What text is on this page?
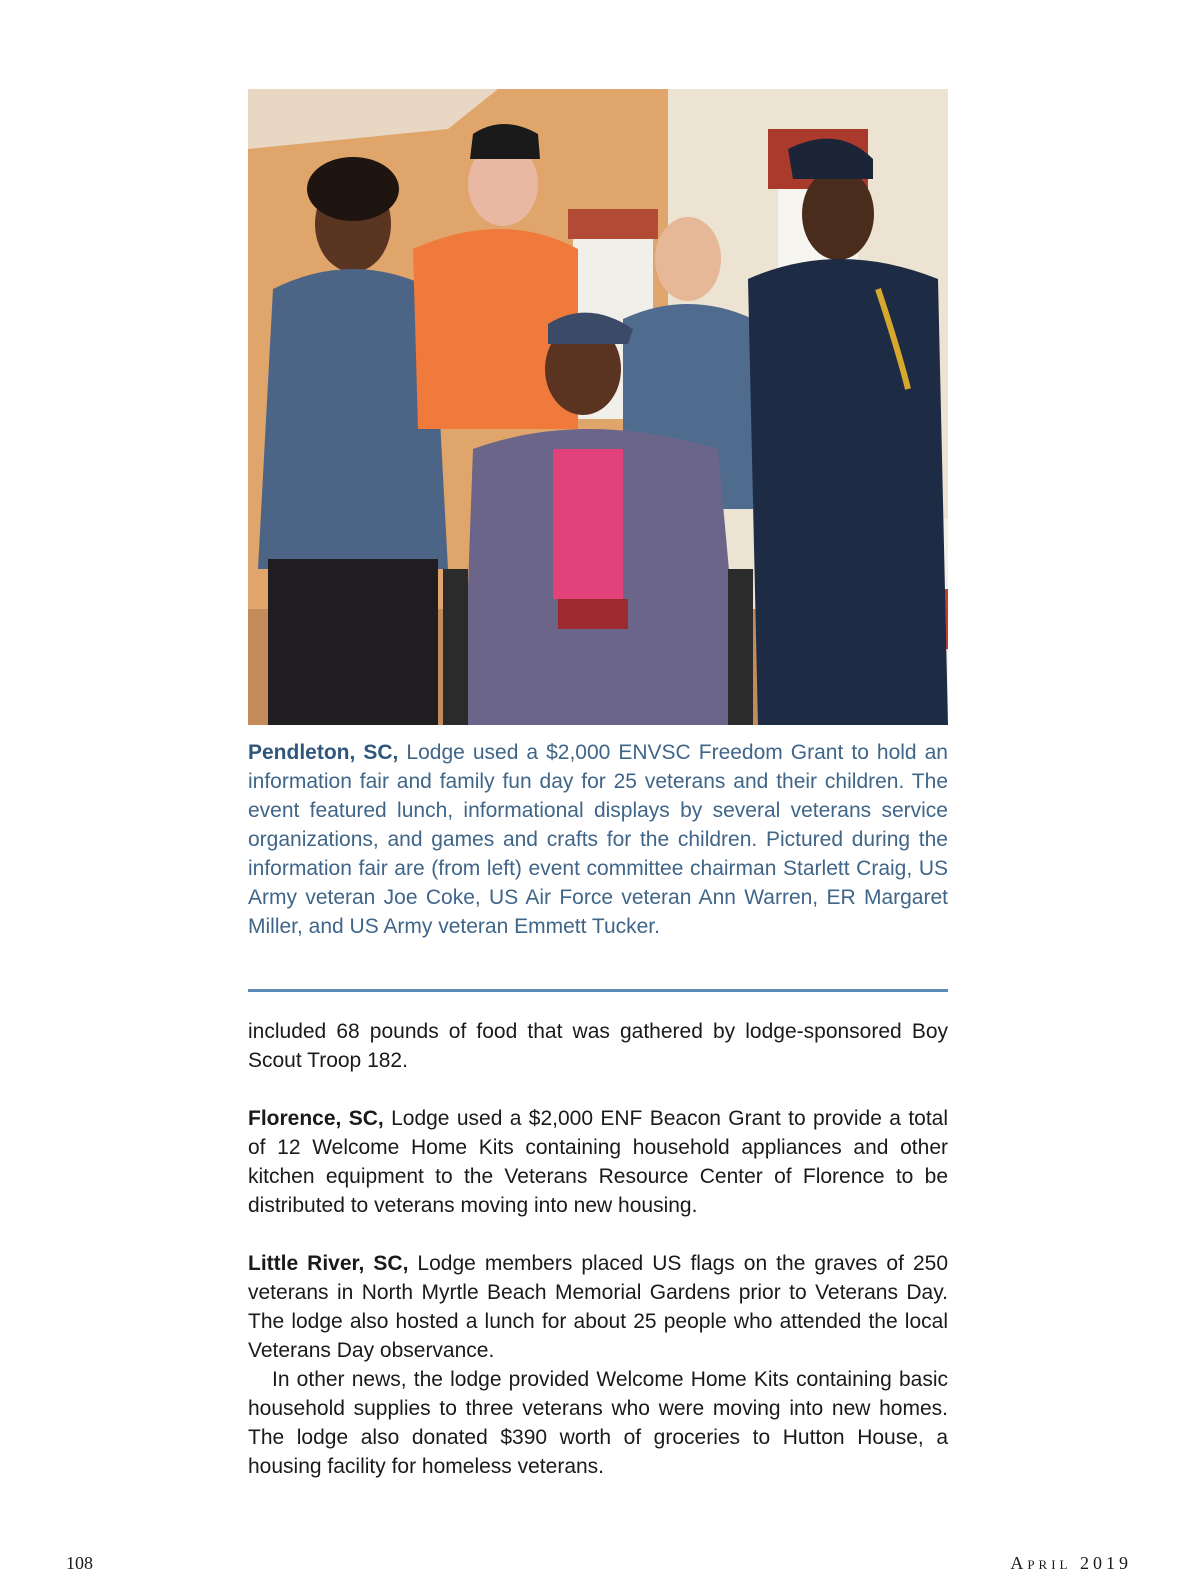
Pendleton, SC, Lodge used a $2,000 ENVSC Freedom Grant to hold an information fair and family fun day for 25 veterans and their children. The event featured lunch, informational displays by several veterans service organizations, and games and crafts for the children. Pictured during the information fair are (from left) event committee chairman Starlett Craig, US Army veteran Joe Coke, US Air Force veteran Ann Warren, ER Margaret Miller, and US Army veteran Emmett Tucker.

included 68 pounds of food that was gathered by lodge-sponsored Boy Scout Troop 182.

Florence, SC, Lodge used a $2,000 ENF Beacon Grant to provide a total of 12 Welcome Home Kits containing household appliances and other kitchen equipment to the Veterans Resource Center of Florence to be distributed to veterans moving into new housing.

Little River, SC, Lodge members placed US flags on the graves of 250 veterans in North Myrtle Beach Memorial Gardens prior to Veterans Day. The lodge also hosted a lunch for about 25 people who attended the local Veterans Day observance.

In other news, the lodge provided Welcome Home Kits containing basic household supplies to three veterans who were moving into new homes. The lodge also donated $390 worth of groceries to Hutton House, a housing facility for homeless veterans.

108	April 2019
